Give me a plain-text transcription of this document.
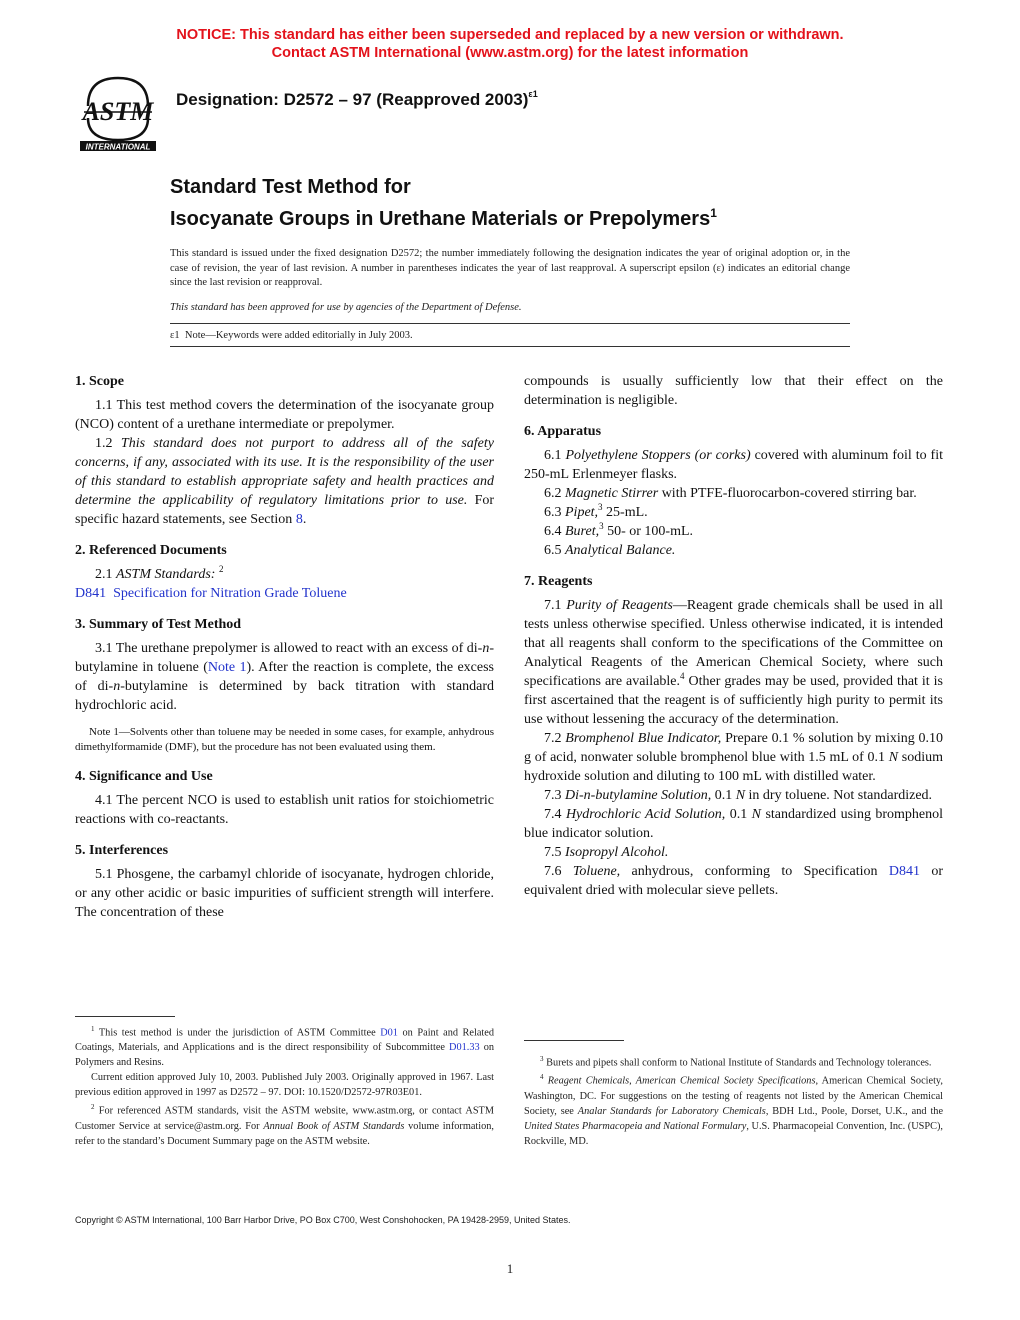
NOTICE: This standard has either been superseded and replaced by a new version or withdrawn.
Contact ASTM International (www.astm.org) for the latest information
ASTM
INTERNATIONAL
Designation: D2572 – 97 (Reapproved 2003)$^{\varepsilon 1}$
Standard Test Method for
Isocyanate Groups in Urethane Materials or Prepolymers$^1$

This standard is issued under the fixed designation D2572; the number immediately following the designation indicates the year of original adoption or, in the case of revision, the year of last revision. A number in parentheses indicates the year of last reapproval. A superscript epsilon (ε) indicates an editorial change since the last revision or reapproval.

This standard has been approved for use by agencies of the Department of Defense.

ε1 Note—Keywords were added editorially in July 2003.
1. Scope

1.1 This test method covers the determination of the isocyanate group (NCO) content of a urethane intermediate or prepolymer.

1.2 This standard does not purport to address all of the safety concerns, if any, associated with its use. It is the responsibility of the user of this standard to establish appropriate safety and health practices and determine the applicability of regulatory limitations prior to use. For specific hazard statements, see Section 8.

2. Referenced Documents

2.1 ASTM Standards: $^2$

D841 Specification for Nitration Grade Toluene

3. Summary of Test Method

3.1 The urethane prepolymer is allowed to react with an excess of di-n-butylamine in toluene (Note 1). After the reaction is complete, the excess of di-n-butylamine is determined by back titration with standard hydrochloric acid.

Note 1—Solvents other than toluene may be needed in some cases, for example, anhydrous dimethylformamide (DMF), but the procedure has not been evaluated using them.

4. Significance and Use

4.1 The percent NCO is used to establish unit ratios for stoichiometric reactions with co-reactants.

5. Interferences

5.1 Phosgene, the carbamyl chloride of isocyanate, hydrogen chloride, or any other acidic or basic impurities of sufficient strength will interfere. The concentration of these

compounds is usually sufficiently low that their effect on the determination is negligible.

6. Apparatus

6.1 Polyethylene Stoppers (or corks) covered with aluminum foil to fit 250-mL Erlenmeyer flasks.

6.2 Magnetic Stirrer with PTFE-fluorocarbon-covered stirring bar.

6.3 Pipet,$^3$ 25-mL.

6.4 Buret,$^3$ 50- or 100-mL.

6.5 Analytical Balance.

7. Reagents

7.1 Purity of Reagents—Reagent grade chemicals shall be used in all tests unless otherwise specified. Unless otherwise indicated, it is intended that all reagents shall conform to the specifications of the Committee on Analytical Reagents of the American Chemical Society, where such specifications are available.$^4$ Other grades may be used, provided that it is first ascertained that the reagent is of sufficiently high purity to permit its use without lessening the accuracy of the determination.

7.2 Bromphenol Blue Indicator, Prepare 0.1 % solution by mixing 0.10 g of acid, nonwater soluble bromphenol blue with 1.5 mL of 0.1 N sodium hydroxide solution and diluting to 100 mL with distilled water.

7.3 Di-n-butylamine Solution, 0.1 N in dry toluene. Not standardized.

7.4 Hydrochloric Acid Solution, 0.1 N standardized using bromphenol blue indicator solution.

7.5 Isopropyl Alcohol.

7.6 Toluene, anhydrous, conforming to Specification D841 or equivalent dried with molecular sieve pellets.

$^1$ This test method is under the jurisdiction of ASTM Committee D01 on Paint and Related Coatings, Materials, and Applications and is the direct responsibility of Subcommittee D01.33 on Polymers and Resins.

Current edition approved July 10, 2003. Published July 2003. Originally approved in 1967. Last previous edition approved in 1997 as D2572 – 97. DOI: 10.1520/D2572-97R03E01.

$^2$ For referenced ASTM standards, visit the ASTM website, www.astm.org, or contact ASTM Customer Service at service@astm.org. For Annual Book of ASTM Standards volume information, refer to the standard’s Document Summary page on the ASTM website.

$^3$ Burets and pipets shall conform to National Institute of Standards and Technology tolerances.

$^4$ Reagent Chemicals, American Chemical Society Specifications, American Chemical Society, Washington, DC. For suggestions on the testing of reagents not listed by the American Chemical Society, see Analar Standards for Laboratory Chemicals, BDH Ltd., Poole, Dorset, U.K., and the United States Pharmacopeia and National Formulary, U.S. Pharmacopeial Convention, Inc. (USPC), Rockville, MD.

Copyright © ASTM International, 100 Barr Harbor Drive, PO Box C700, West Conshohocken, PA 19428-2959, United States.
1
